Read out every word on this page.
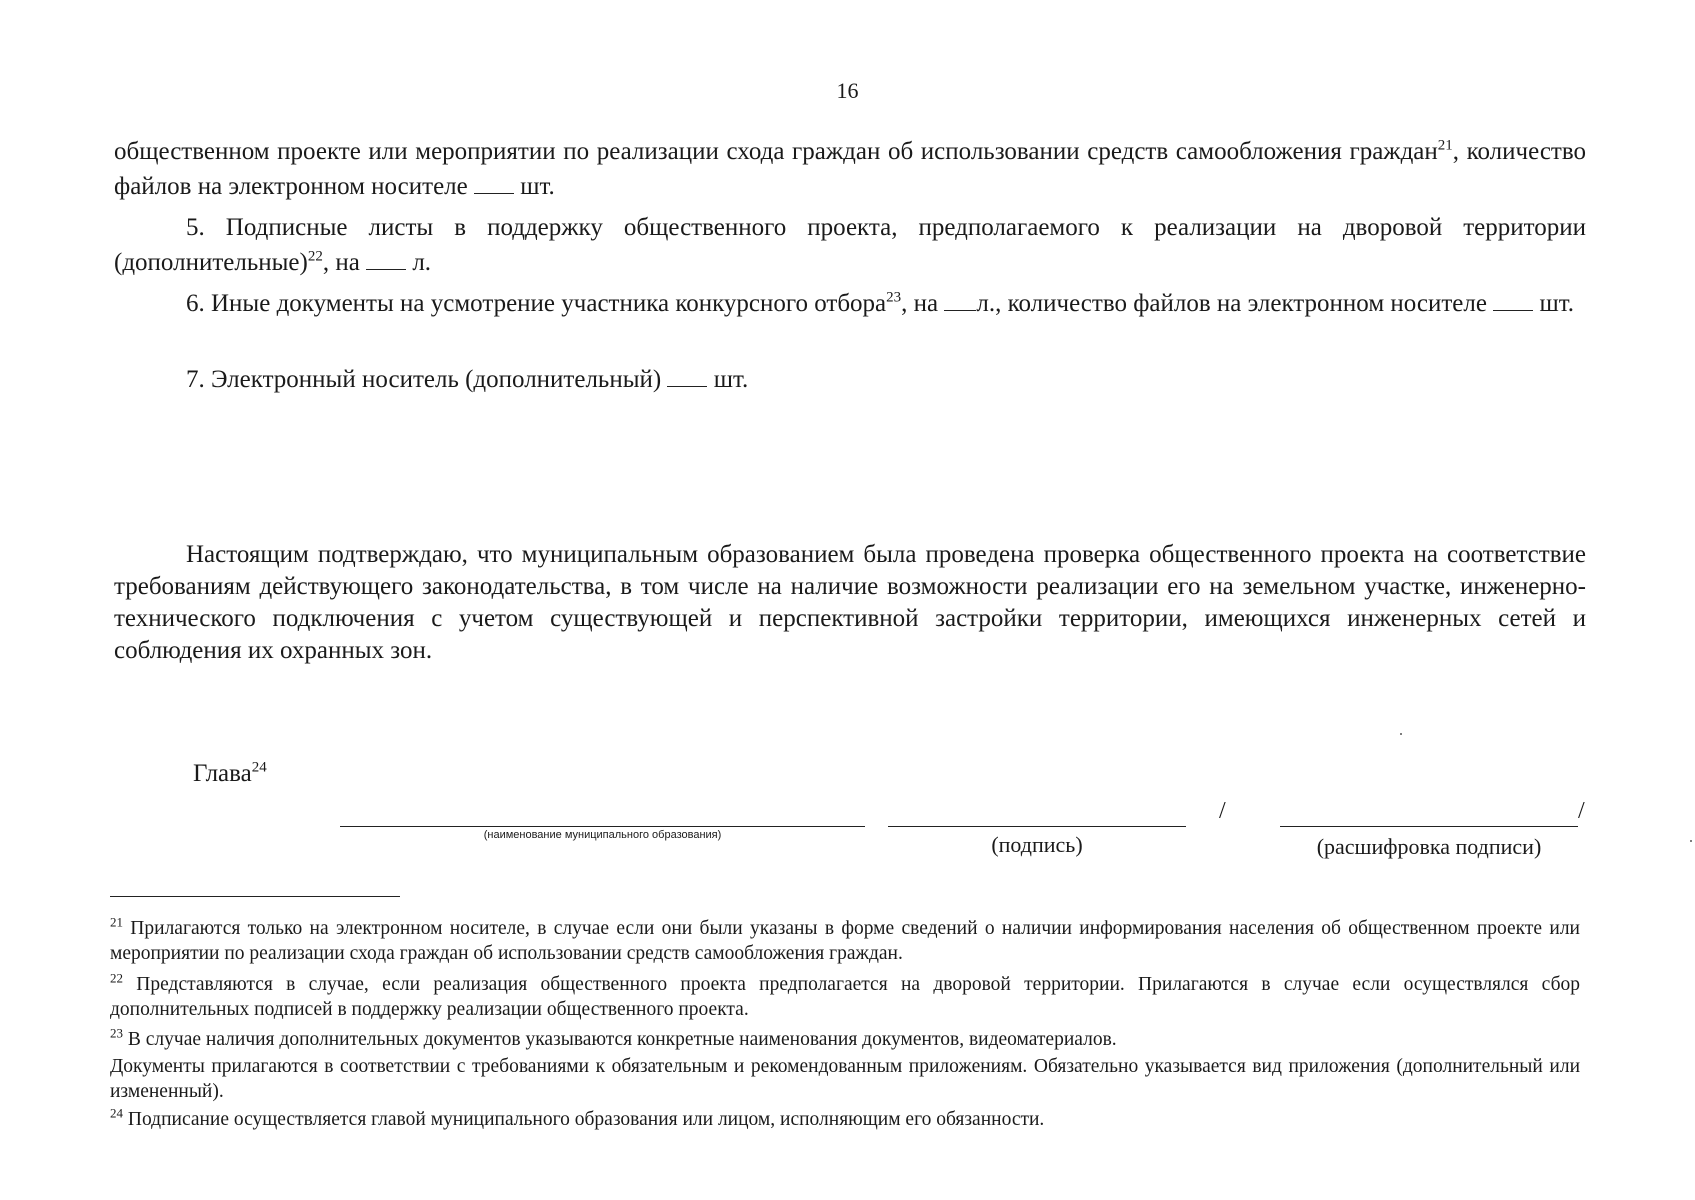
16

общественном проекте или мероприятии по реализации схода граждан об использовании средств самообложения граждан$^{21}$, количество файлов на электронном носителе  шт.

5. Подписные листы в поддержку общественного проекта, предполагаемого к реализации на дворовой территории (дополнительные)$^{22}$, на  л.

6. Иные документы на усмотрение участника конкурсного отбора$^{23}$, на л., количество файлов на электронном носителе  шт.

7. Электронный носитель (дополнительный)  шт.

Настоящим подтверждаю, что муниципальным образованием была проведена проверка общественного проекта на соответствие требованиям действующего законодательства, в том числе на наличие возможности реализации его на земельном участке, инженерно-технического подключения с учетом существующей и перспективной застройки территории, имеющихся инженерных сетей и соблюдения их охранных зон.

Глава$^{24}$
(наименование муниципального образования)	(подпись)
/	/
(расшифровка подписи)

$^{21}$ Прилагаются только на электронном носителе, в случае если они были указаны в форме сведений о наличии информирования населения об общественном проекте или мероприятии по реализации схода граждан об использовании средств самообложения граждан.

$^{22}$ Представляются в случае, если реализация общественного проекта предполагается на дворовой территории. Прилагаются в случае если осуществлялся сбор дополнительных подписей в поддержку реализации общественного проекта.

$^{23}$ В случае наличия дополнительных документов указываются конкретные наименования документов, видеоматериалов.

Документы прилагаются в соответствии с требованиями к обязательным и рекомендованным приложениям. Обязательно указывается вид приложения (дополнительный или измененный).

$^{24}$ Подписание осуществляется главой муниципального образования или лицом, исполняющим его обязанности.
